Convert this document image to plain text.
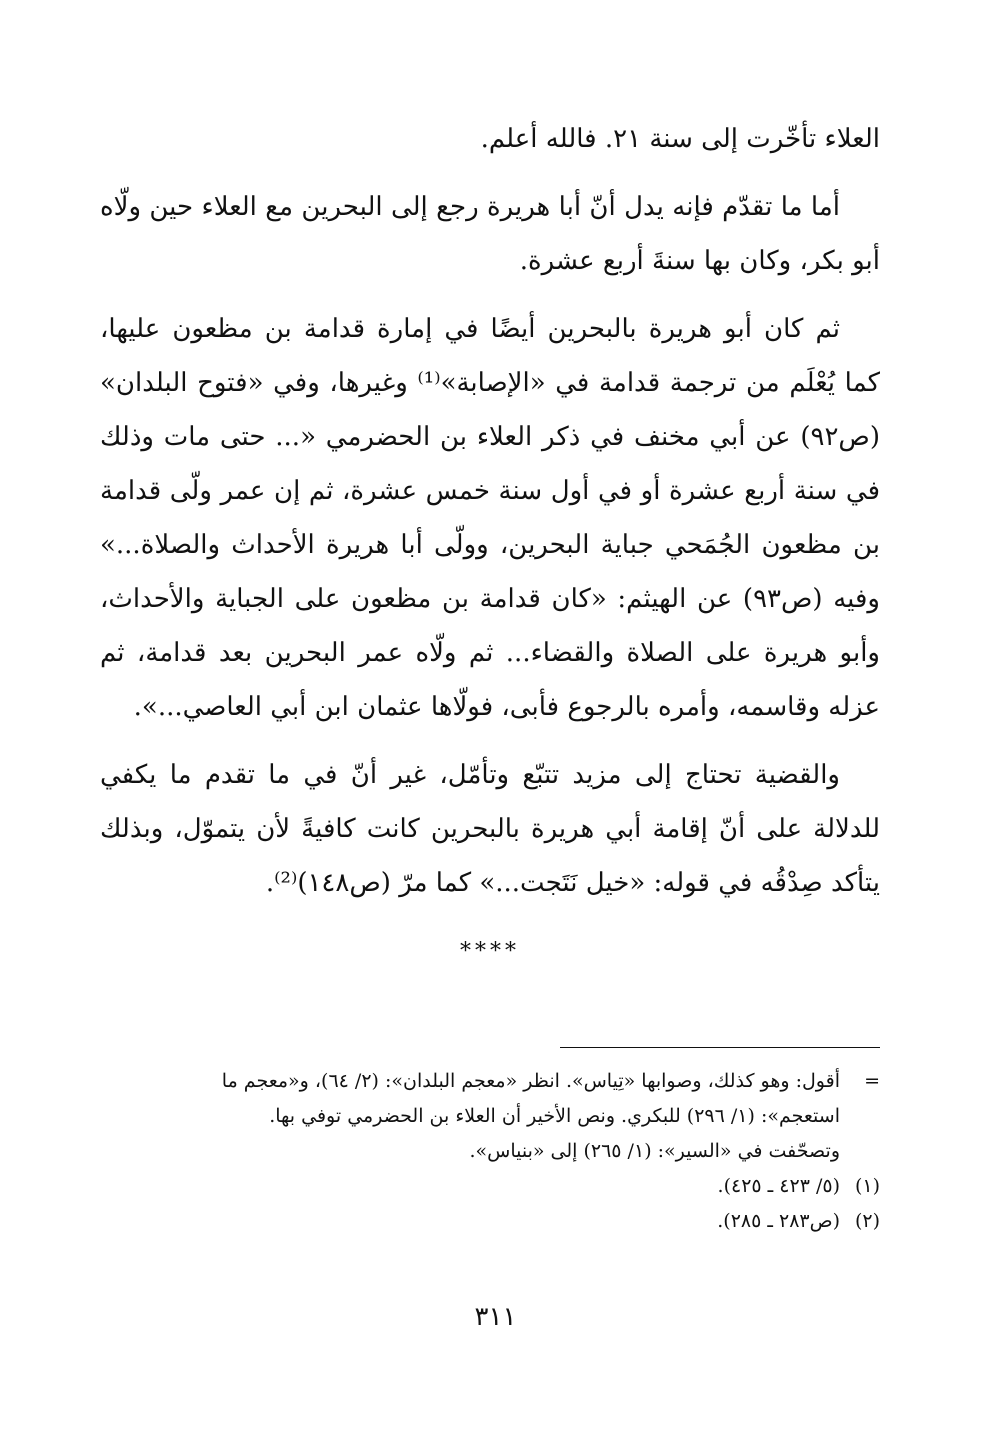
العلاء تأخّرت إلى سنة ٢١. فالله أعلم.

أما ما تقدّم فإنه يدل أنّ أبا هريرة رجع إلى البحرين مع العلاء حين ولّاه أبو بكر، وكان بها سنةَ أربع عشرة.

ثم كان أبو هريرة بالبحرين أيضًا في إمارة قدامة بن مظعون عليها، كما يُعْلَم من ترجمة قدامة في «الإصابة»⁽¹⁾ وغيرها، وفي «فتوح البلدان» (ص٩٢) عن أبي مخنف في ذكر العلاء بن الحضرمي «... حتى مات وذلك في سنة أربع عشرة أو في أول سنة خمس عشرة، ثم إن عمر ولّى قدامة بن مظعون الجُمَحي جباية البحرين، وولّى أبا هريرة الأحداث والصلاة...» وفيه (ص٩٣) عن الهيثم: «كان قدامة بن مظعون على الجباية والأحداث، وأبو هريرة على الصلاة والقضاء... ثم ولّاه عمر البحرين بعد قدامة، ثم عزله وقاسمه، وأمره بالرجوع فأبى، فولّاها عثمان ابن أبي العاصي...».

والقضية تحتاج إلى مزيد تتبّع وتأمّل، غير أنّ في ما تقدم ما يكفي للدلالة على أنّ إقامة أبي هريرة بالبحرين كانت كافيةً لأن يتموّل، وبذلك يتأكد صِدْقُه في قوله: «خيل نَتَجت...» كما مرّ (ص١٤٨)⁽²⁾.

****
=
أقول: وهو كذلك، وصوابها «تِياس». انظر «معجم البلدان»: (٢/ ٦٤)، و«معجم ما
استعجم»: (١/ ٢٩٦) للبكري. ونص الأخير أن العلاء بن الحضرمي توفي بها.
وتصحّفت في «السير»: (١/ ٢٦٥) إلى «بنياس».
(١)
(٥/ ٤٢٣ ـ ٤٢٥).
(٢)
(ص٢٨٣ ـ ٢٨٥).
٣١١
